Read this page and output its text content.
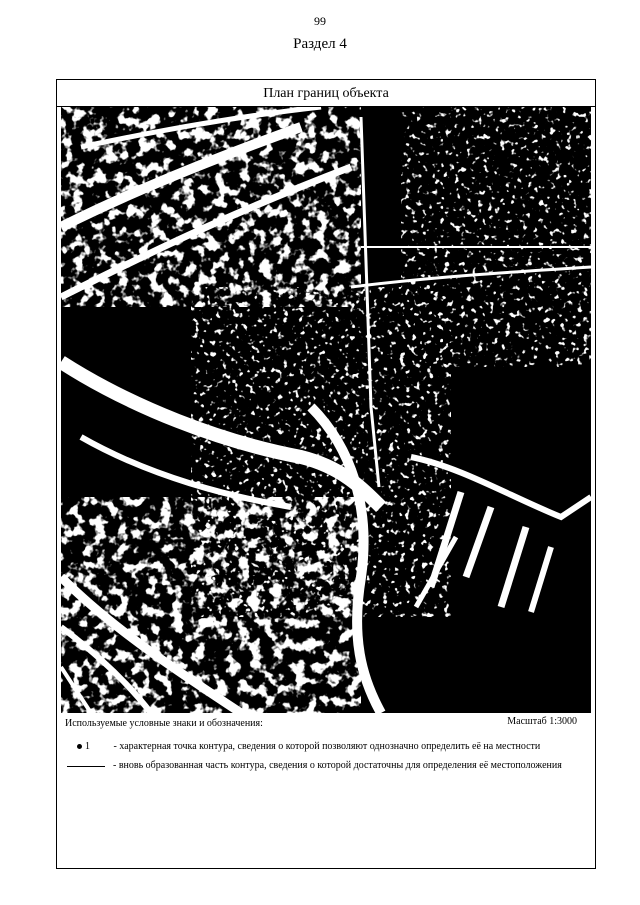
99
Раздел 4
План границ объекта
Используемые условные знаки и обозначения:	Масштаб 1:3000
1 - характерная точка контура, сведения о которой позволяют однозначно определить её на местности
- вновь образованная часть контура, сведения о которой достаточны для определения её местоположения
